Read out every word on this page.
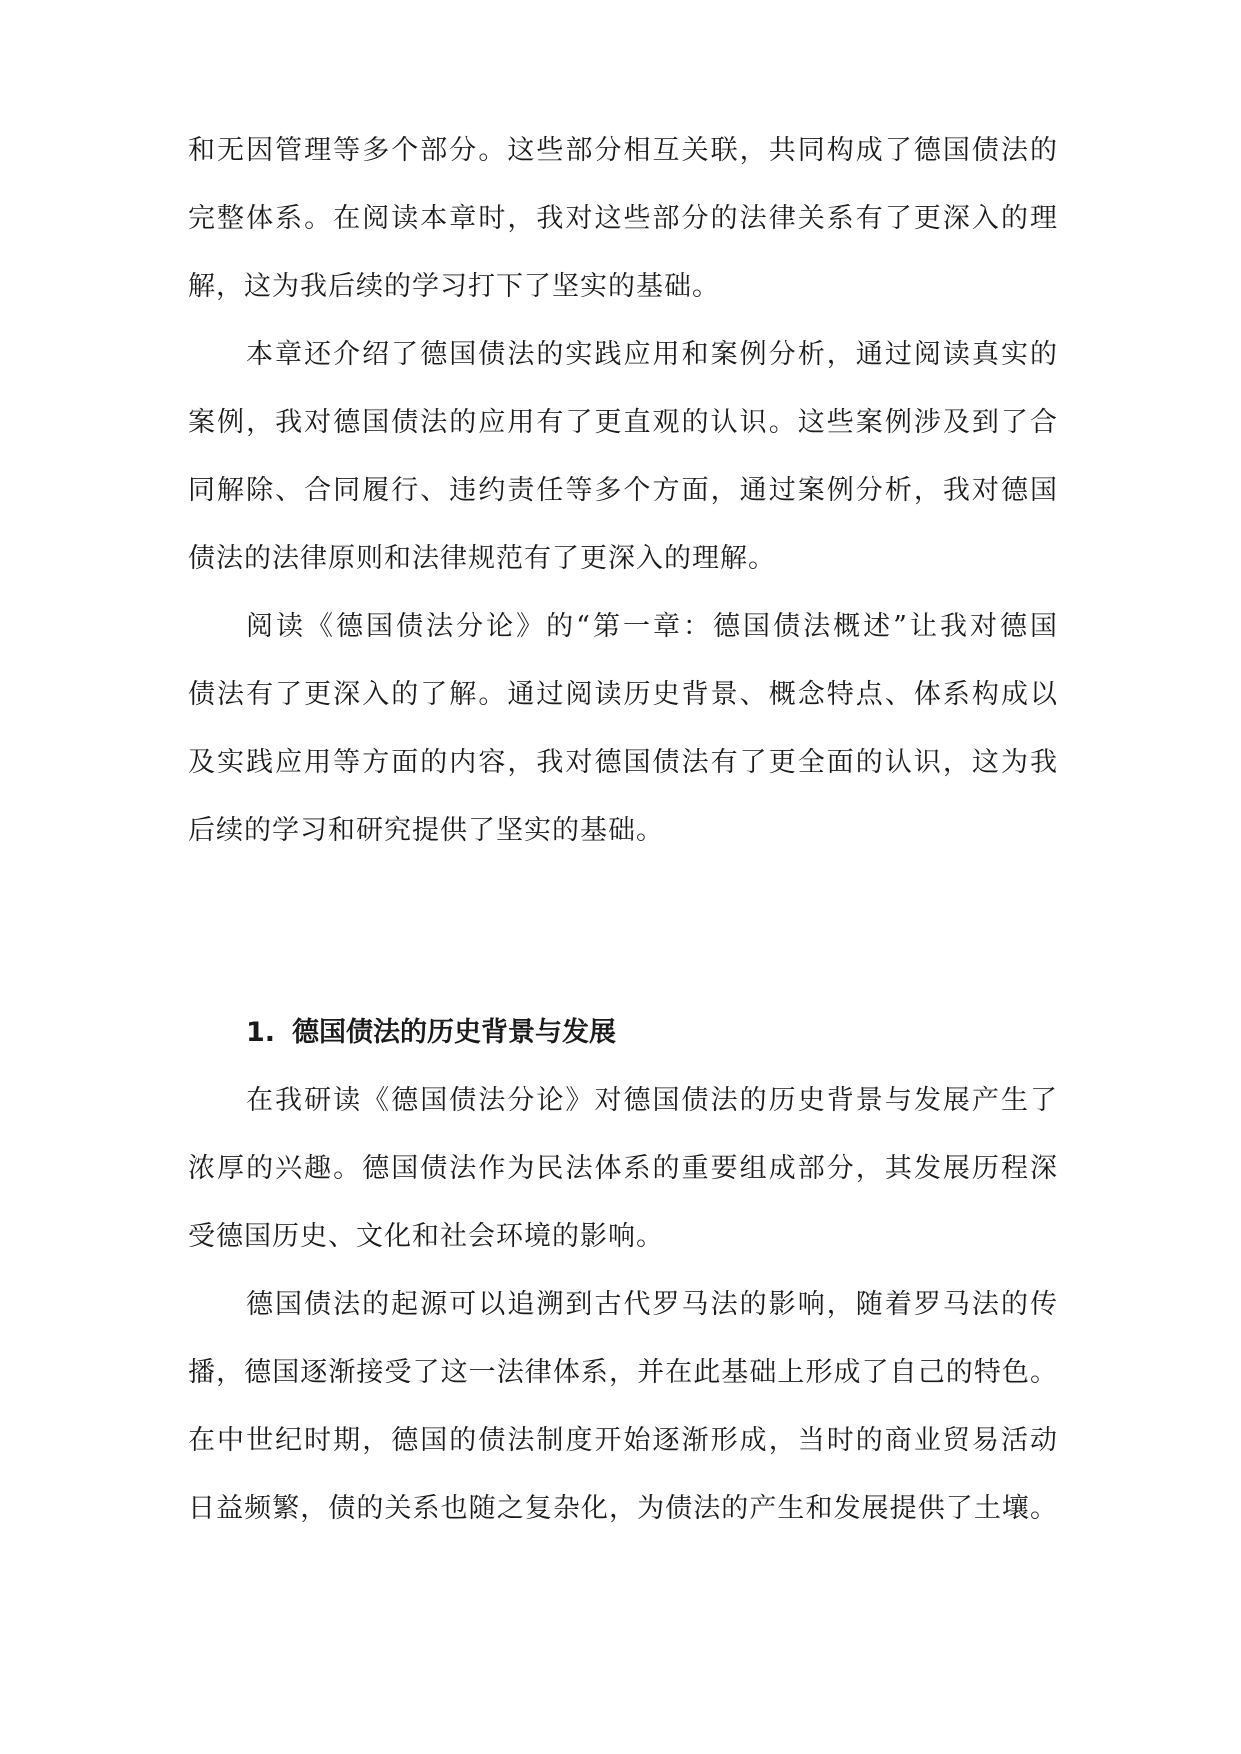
和无因管理等多个部分。这些部分相互关联，共同构成了德国债法的
完整体系。在阅读本章时，我对这些部分的法律关系有了更深入的理
解，这为我后续的学习打下了坚实的基础。
本章还介绍了德国债法的实践应用和案例分析，通过阅读真实的
案例，我对德国债法的应用有了更直观的认识。这些案例涉及到了合
同解除、合同履行、违约责任等多个方面，通过案例分析，我对德国
债法的法律原则和法律规范有了更深入的理解。
阅读《德国债法分论》的“第一章：德国债法概述”让我对德国
债法有了更深入的了解。通过阅读历史背景、概念特点、体系构成以
及实践应用等方面的内容，我对德国债法有了更全面的认识，这为我
后续的学习和研究提供了坚实的基础。
1. 德国债法的历史背景与发展
在我研读《德国债法分论》对德国债法的历史背景与发展产生了
浓厚的兴趣。德国债法作为民法体系的重要组成部分，其发展历程深
受德国历史、文化和社会环境的影响。
德国债法的起源可以追溯到古代罗马法的影响，随着罗马法的传
播，德国逐渐接受了这一法律体系，并在此基础上形成了自己的特色。
在中世纪时期，德国的债法制度开始逐渐形成，当时的商业贸易活动
日益频繁，债的关系也随之复杂化，为债法的产生和发展提供了土壤。
